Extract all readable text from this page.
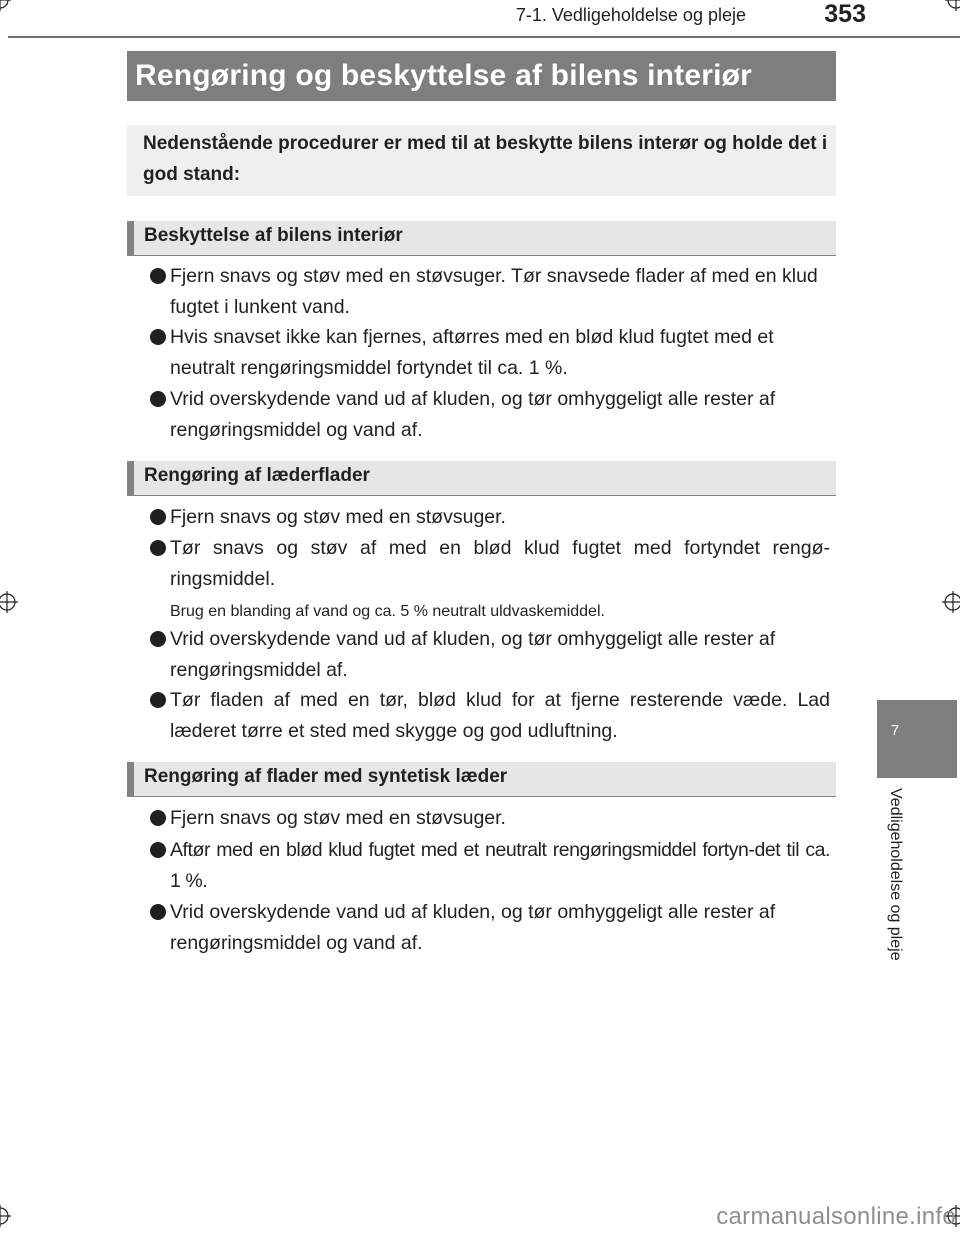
7-1. Vedligeholdelse og pleje	353
Rengøring og beskyttelse af bilens interiør
Nedenstående procedurer er med til at beskytte bilens interør og holde det i god stand:
Beskyttelse af bilens interiør
Fjern snavs og støv med en støvsuger. Tør snavsede flader af med en klud fugtet i lunkent vand.
Hvis snavset ikke kan fjernes, aftørres med en blød klud fugtet med et neutralt rengøringsmiddel fortyndet til ca. 1 %.
Vrid overskydende vand ud af kluden, og tør omhyggeligt alle rester af rengøringsmiddel og vand af.
Rengøring af læderflader
Fjern snavs og støv med en støvsuger.
Tør snavs og støv af med en blød klud fugtet med fortyndet rengø-ringsmiddel.
Brug en blanding af vand og ca. 5 % neutralt uldvaskemiddel.
Vrid overskydende vand ud af kluden, og tør omhyggeligt alle rester af rengøringsmiddel af.
Tør fladen af med en tør, blød klud for at fjerne resterende væde. Lad læderet tørre et sted med skygge og god udluftning.
Rengøring af flader med syntetisk læder
Fjern snavs og støv med en støvsuger.
Aftør med en blød klud fugtet med et neutralt rengøringsmiddel fortyn-det til ca. 1 %.
Vrid overskydende vand ud af kluden, og tør omhyggeligt alle rester af rengøringsmiddel og vand af.
7
Vedligeholdelse og pleje
carmanualsonline.info
